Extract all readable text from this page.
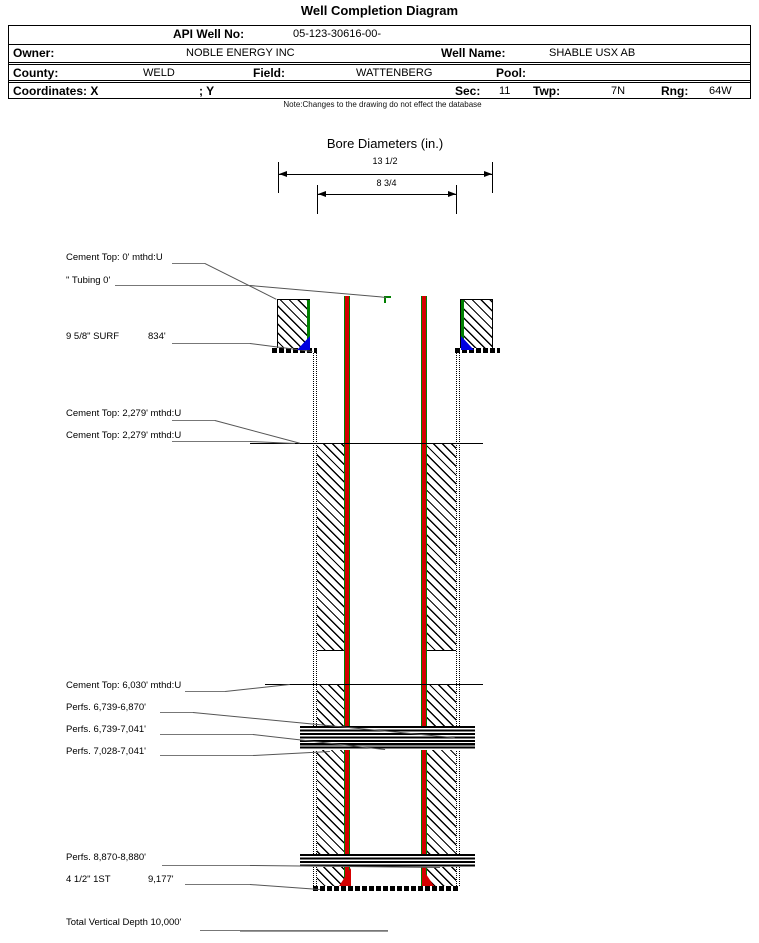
Well Completion Diagram
API Well No:	05-123-30616-00-
Owner:	NOBLE ENERGY INC	Well Name:	SHABLE USX AB
County:	WELD	Field:	WATTENBERG	Pool:
Coordinates: X	; Y	Sec: 11 Twp:	7N	Rng: 64W
Note:Changes to the drawing do not effect the database
Bore Diameters (in.)
13 1/2
8 3/4
Cement Top: 0' mthd:U
" Tubing 0'
9 5/8" SURF	834'
Cement Top: 2,279' mthd:U
Cement Top: 2,279' mthd:U
Cement Top: 6,030' mthd:U
Perfs. 6,739-6,870'
Perfs. 6,739-7,041'
Perfs. 7,028-7,041'
Perfs. 8,870-8,880'
4 1/2" 1ST	9,177'
Total Vertical Depth 10,000'
